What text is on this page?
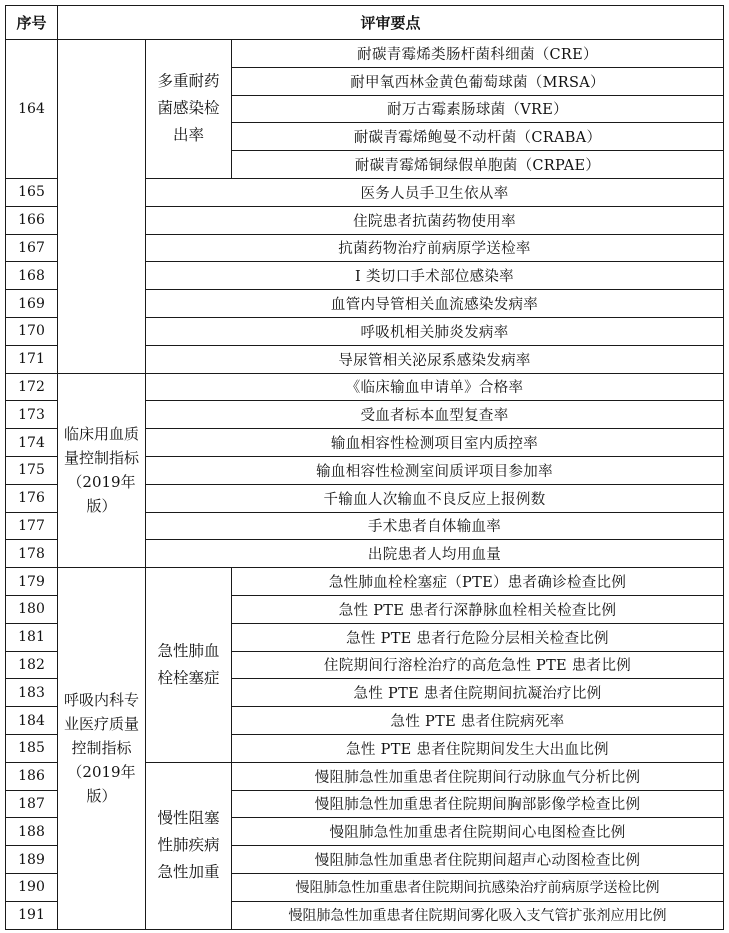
序号	评审要点		
164		多重耐药菌感染检出率	耐碳青霉烯类肠杆菌科细菌（CRE）
			耐甲氧西林金黄色葡萄球菌（MRSA）
			耐万古霉素肠球菌（VRE）
			耐碳青霉烯鲍曼不动杆菌（CRABA）
			耐碳青霉烯铜绿假单胞菌（CRPAE）
165		医务人员手卫生依从率	
166		住院患者抗菌药物使用率	
167		抗菌药物治疗前病原学送检率	
168		I 类切口手术部位感染率	
169		血管内导管相关血流感染发病率	
170		呼吸机相关肺炎发病率	
171		导尿管相关泌尿系感染发病率	
172	临床用血质量控制指标（2019年版）	《临床输血申请单》合格率	
173		受血者标本血型复查率	
174		输血相容性检测项目室内质控率	
175		输血相容性检测室间质评项目参加率	
176		千输血人次输血不良反应上报例数	
177		手术患者自体输血率	
178		出院患者人均用血量	
179	呼吸内科专业医疗质量控制指标（2019年版）	急性肺血栓栓塞症	急性肺血栓栓塞症（PTE）患者确诊检查比例
180			急性 PTE 患者行深静脉血栓相关检查比例
181			急性 PTE 患者行危险分层相关检查比例
182			住院期间行溶栓治疗的高危急性 PTE 患者比例
183			急性 PTE 患者住院期间抗凝治疗比例
184			急性 PTE 患者住院病死率
185			急性 PTE 患者住院期间发生大出血比例
186		慢性阻塞性肺疾病急性加重	慢阻肺急性加重患者住院期间行动脉血气分析比例
187			慢阻肺急性加重患者住院期间胸部影像学检查比例
188			慢阻肺急性加重患者住院期间心电图检查比例
189			慢阻肺急性加重患者住院期间超声心动图检查比例
190			慢阻肺急性加重患者住院期间抗感染治疗前病原学送检比例
191			慢阻肺急性加重患者住院期间雾化吸入支气管扩张剂应用比例
